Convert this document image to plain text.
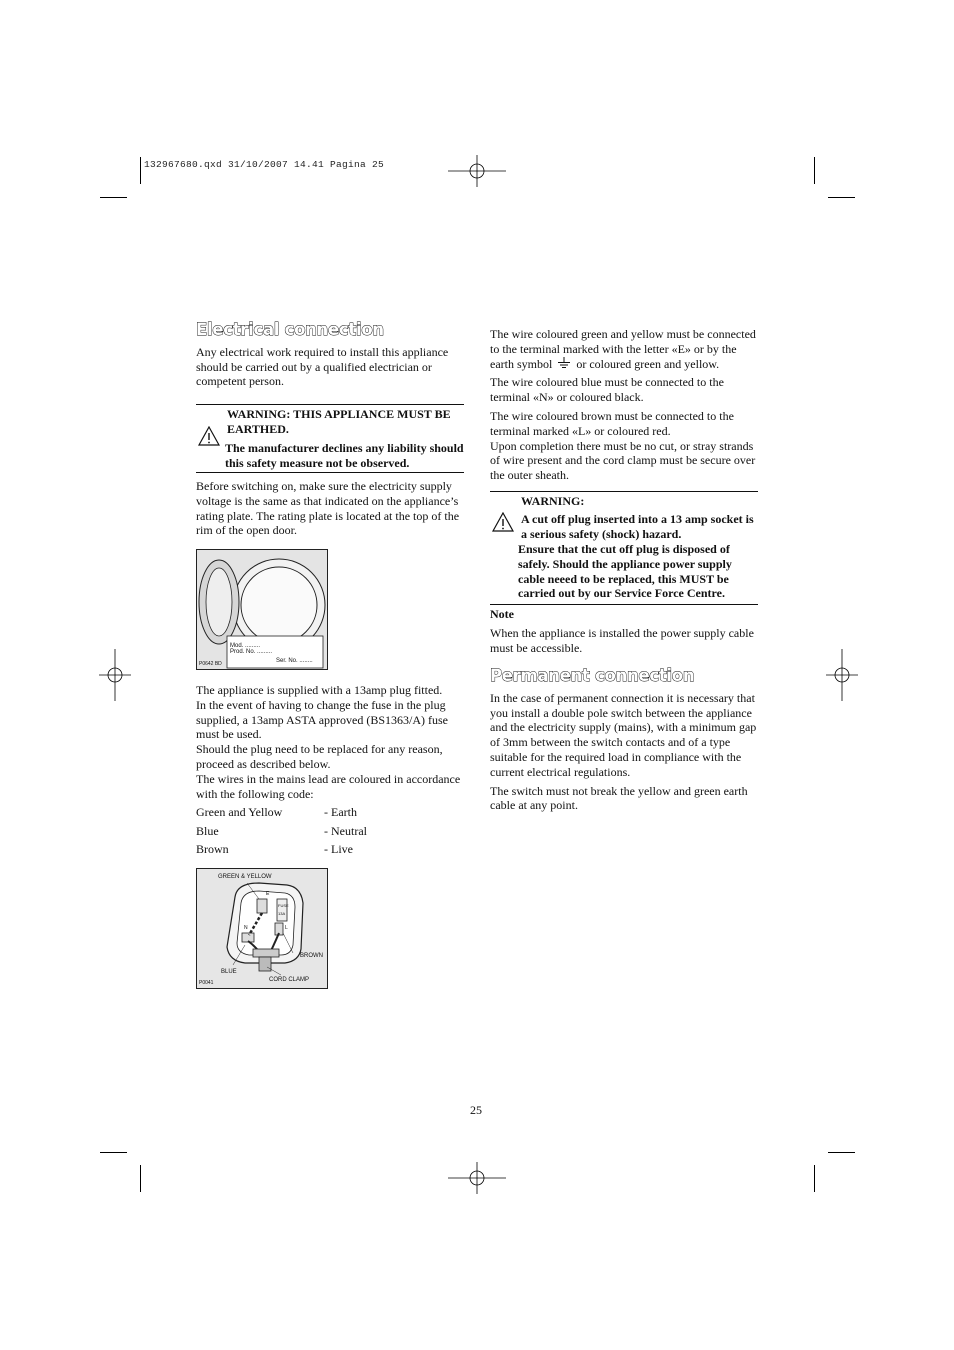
132967680.qxd 31/10/2007 14.41 Pagina 25
Electrical connection

Any electrical work required to install this appliance should be carried out by a qualified electrician or competent person.

WARNING: THIS APPLIANCE MUST BE EARTHED.
The manufacturer declines any liability should this safety measure not be observed.
Before switching on, make sure the electricity supply voltage is the same as that indicated on the appliance’s rating plate. The rating plate is located at the top of the rim of the open door.
Mod. .........
Prod. No. .........
Ser. No. ........
P0642 BD
The appliance is supplied with a 13amp plug fitted.
In the event of having to change the fuse in the plug supplied, a 13amp ASTA approved (BS1363/A) fuse must be used.
Should the plug need to be replaced for any reason, proceed as described below.
The wires in the mains lead are coloured in accordance with the following code:
Green and Yellow	- Earth
Blue	- Neutral
Brown	- Live
GREEN & YELLOW
BROWN
BLUE
CORD CLAMP
N
E
L
FUSE
13A
P0041

The wire coloured green and yellow must be connected to the terminal marked with the letter «E» or by the earth symbol or coloured green and yellow.

The wire coloured blue must be connected to the terminal «N» or coloured black.

The wire coloured brown must be connected to the terminal marked «L» or coloured red.

Upon completion there must be no cut, or stray strands of wire present and the cord clamp must be secure over the outer sheath.

WARNING:
A cut off plug inserted into a 13 amp socket is a serious safety (shock) hazard.
Ensure that the cut off plug is disposed of safely. Should the appliance power supply cable neeed to be replaced, this MUST be carried out by our Service Force Centre.

Note

When the appliance is installed the power supply cable must be accessible.

Permanent connection

In the case of permanent connection it is necessary that you install a double pole switch between the appliance and the electricity supply (mains), with a minimum gap of 3mm between the switch contacts and of a type suitable for the required load in compliance with the current electrical regulations.

The switch must not break the yellow and green earth cable at any point.

25
